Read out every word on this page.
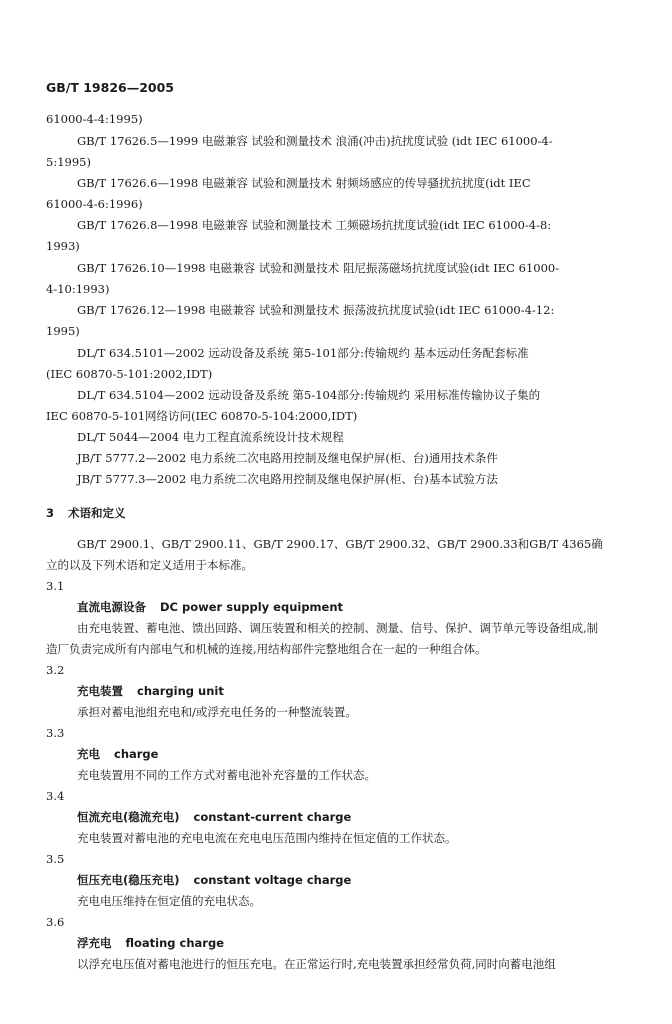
GB/T 19826—2005
61000-4-4:1995)
GB/T 17626.5—1999 电磁兼容 试验和测量技术 浪涌(冲击)抗扰度试验 (idt IEC 61000-4-
5:1995)
GB/T 17626.6—1998 电磁兼容 试验和测量技术 射频场感应的传导骚扰抗扰度(idt IEC
61000-4-6:1996)
GB/T 17626.8—1998 电磁兼容 试验和测量技术 工频磁场抗扰度试验(idt IEC 61000-4-8:
1993)
GB/T 17626.10—1998 电磁兼容 试验和测量技术 阻尼振荡磁场抗扰度试验(idt IEC 61000-
4-10:1993)
GB/T 17626.12—1998 电磁兼容 试验和测量技术 振荡波抗扰度试验(idt IEC 61000-4-12:
1995)
DL/T 634.5101—2002 远动设备及系统 第5-101部分:传输规约 基本远动任务配套标准
(IEC 60870-5-101:2002,IDT)
DL/T 634.5104—2002 远动设备及系统 第5-104部分:传输规约 采用标准传输协议子集的
IEC 60870-5-101网络访问(IEC 60870-5-104:2000,IDT)
DL/T 5044—2004 电力工程直流系统设计技术规程
JB/T 5777.2—2002 电力系统二次电路用控制及继电保护屏(柜、台)通用技术条件
JB/T 5777.3—2002 电力系统二次电路用控制及继电保护屏(柜、台)基本试验方法
3 术语和定义
GB/T 2900.1、GB/T 2900.11、GB/T 2900.17、GB/T 2900.32、GB/T 2900.33和GB/T 4365确
立的以及下列术语和定义适用于本标准。
3.1
直流电源设备 DC power supply equipment
由充电装置、蓄电池、馈出回路、调压装置和相关的控制、测量、信号、保护、调节单元等设备组成,制
造厂负责完成所有内部电气和机械的连接,用结构部件完整地组合在一起的一种组合体。
3.2
充电装置 charging unit
承担对蓄电池组充电和/或浮充电任务的一种整流装置。
3.3
充电 charge
充电装置用不同的工作方式对蓄电池补充容量的工作状态。
3.4
恒流充电(稳流充电) constant-current charge
充电装置对蓄电池的充电电流在充电电压范围内维持在恒定值的工作状态。
3.5
恒压充电(稳压充电) constant voltage charge
充电电压维持在恒定值的充电状态。
3.6
浮充电 floating charge
以浮充电压值对蓄电池进行的恒压充电。在正常运行时,充电装置承担经常负荷,同时向蓄电池组
